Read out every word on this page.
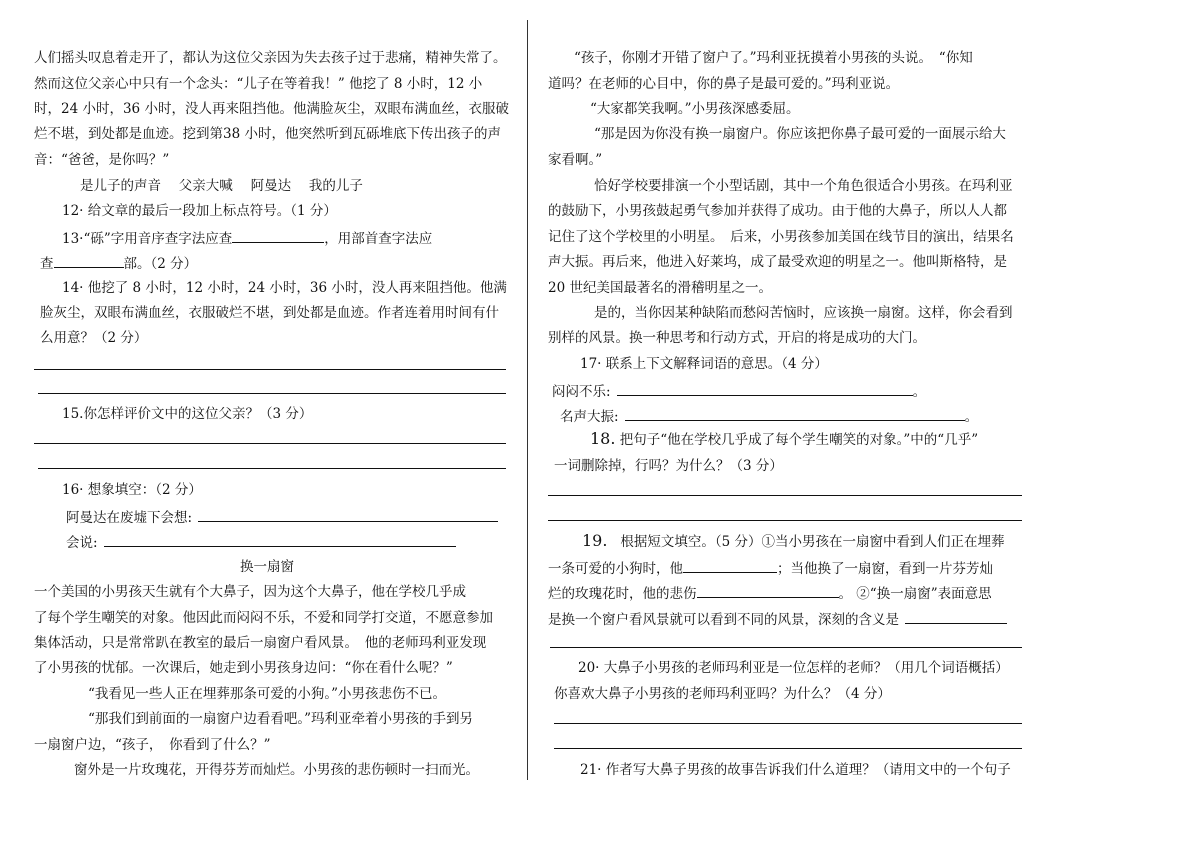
人们摇头叹息着走开了，都认为这位父亲因为失去孩子过于悲痛，精神失常了。
然而这位父亲心中只有一个念头：“儿子在等着我！” 他挖了 8 小时，12 小
时，24 小时，36 小时，没人再来阻挡他。他满脸灰尘，双眼布满血丝，衣服破
烂不堪，到处都是血迹。挖到第38 小时，他突然听到瓦砾堆底下传出孩子的声
音：“爸爸，是你吗？”
是儿子的声音　 父亲大喊　 阿曼达　 我的儿子
12· 给文章的最后一段加上标点符号。（1 分）
13·“砾”字用音序查字法应查	，用部首查字法应
查	部。（2 分）
14· 他挖了 8 小时，12 小时，24 小时，36 小时，没人再来阻挡他。他满
脸灰尘，双眼布满血丝，衣服破烂不堪，到处都是血迹。作者连着用时间有什
么用意？（2 分）
15.你怎样评价文中的这位父亲？（3 分）
16· 想象填空：（2 分）
阿曼达在废墟下会想:
会说:
换一扇窗
一个美国的小男孩天生就有个大鼻子，因为这个大鼻子，他在学校几乎成
了每个学生嘲笑的对象。他因此而闷闷不乐，不爱和同学打交道，不愿意参加
集体活动，只是常常趴在教室的最后一扇窗户看风景。　他的老师玛利亚发现
了小男孩的忧郁。一次课后，她走到小男孩身边问：“你在看什么呢？”
“我看见一些人正在埋葬那条可爱的小狗。”小男孩悲伤不已。
“那我们到前面的一扇窗户边看看吧。”玛利亚牵着小男孩的手到另
一扇窗户边，“孩子，　你看到了什么？”
窗外是一片玫瑰花，开得芬芳而灿烂。小男孩的悲伤顿时一扫而光。
“孩子，你刚才开错了窗户了。”玛利亚抚摸着小男孩的头说。　“你知
道吗？在老师的心目中，你的鼻子是最可爱的。”玛利亚说。
“大家都笑我啊。”小男孩深感委屈。
“那是因为你没有换一扇窗户。你应该把你鼻子最可爱的一面展示给大
家看啊。”
恰好学校要排演一个小型话剧，其中一个角色很适合小男孩。在玛利亚
的鼓励下，小男孩鼓起勇气参加并获得了成功。由于他的大鼻子，所以人人都
记住了这个学校里的小明星。　后来，小男孩参加美国在线节目的演出，结果名
声大振。再后来，他进入好莱坞，成了最受欢迎的明星之一。他叫斯格特，是
20 世纪美国最著名的滑稽明星之一。
是的，当你因某种缺陷而愁闷苦恼时，应该换一扇窗。这样，你会看到
别样的风景。换一种思考和行动方式，开启的将是成功的大门。
17· 联系上下文解释词语的意思。（4 分）
闷闷不乐:	。
名声大振:	。
18. 把句子“他在学校几乎成了每个学生嘲笑的对象。”中的“几乎”
一词删除掉，行吗？为什么？（3 分）
19. 根据短文填空。（5 分）①当小男孩在一扇窗中看到人们正在埋葬
一条可爱的小狗时，他	；当他换了一扇窗，看到一片芬芳灿
烂的玫瑰花时，他的悲伤	。 ②“换一扇窗”表面意思
是换一个窗户看风景就可以看到不同的风景，深刻的含义是
20· 大鼻子小男孩的老师玛利亚是一位怎样的老师？（用几个词语概括）
你喜欢大鼻子小男孩的老师玛利亚吗？为什么？（4 分）
21· 作者写大鼻子男孩的故事告诉我们什么道理？（请用文中的一个句子
